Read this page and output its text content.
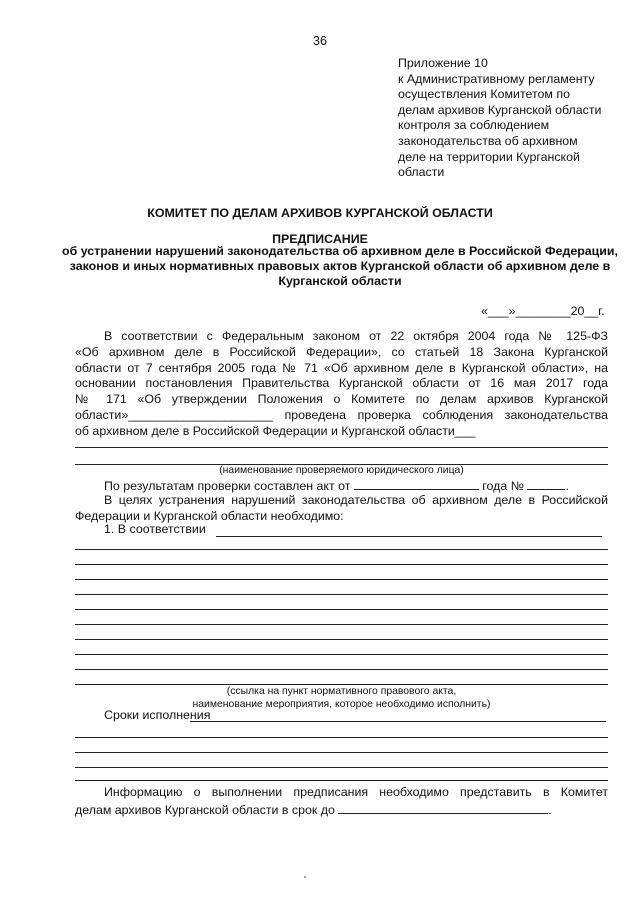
36
Приложение 10
к Административному регламенту
осуществления Комитетом по
делам архивов Курганской области
контроля за соблюдением
законодательства об архивном
деле на территории Курганской
области
КОМИТЕТ ПО ДЕЛАМ АРХИВОВ КУРГАНСКОЙ ОБЛАСТИ
ПРЕДПИСАНИЕ
об устранении нарушений законодательства об архивном деле в Российской Федерации,
законов и иных нормативных правовых актов Курганской области об архивном деле в
Курганской области
«___»________20__г.
В соответствии с Федеральным законом от 22 октября 2004 года № 125-ФЗ
«Об архивном деле в Российской Федерации», со статьей 18 Закона Курганской
области от 7 сентября 2005 года № 71 «Об архивном деле в Курганской области», на
основании постановления Правительства Курганской области от 16 мая 2017 года
№ 171 «Об утверждении Положения о Комитете по делам архивов Курганской
области»_____________________ проведена проверка соблюдения законодательства
об архивном деле в Российской Федерации и Курганской области___
(наименование проверяемого юридического лица)
По результатам проверки составлен акт от	года №	.
В целях устранения нарушений законодательства об архивном деле в Российской
Федерации и Курганской области необходимо:
1. В соответствии
(ссылка на пункт нормативного правового акта,
наименование мероприятия, которое необходимо исполнить)
Сроки исполнения
Информацию о выполнении предписания необходимо представить в Комитет
делам архивов Курганской области в срок до	.
